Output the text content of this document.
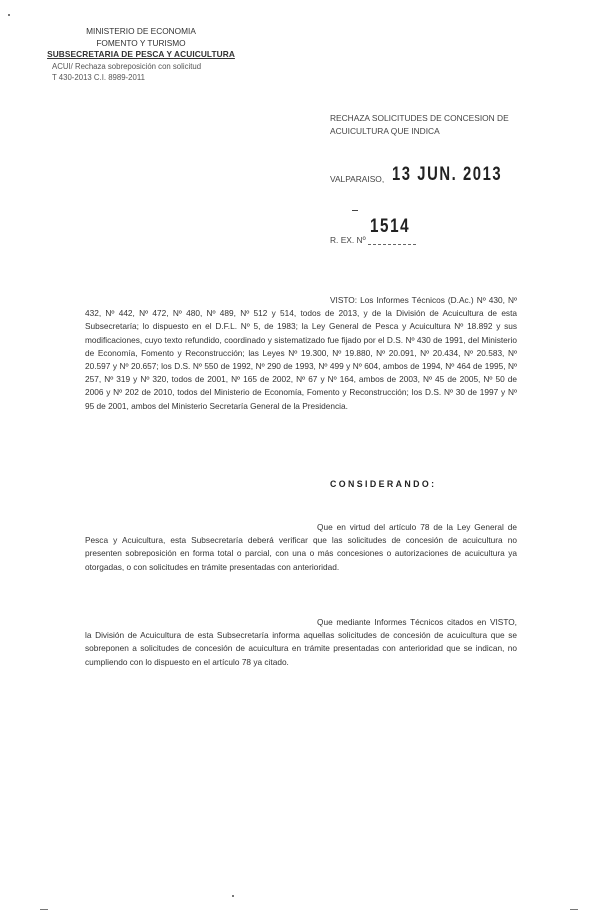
MINISTERIO DE ECONOMIA
FOMENTO Y TURISMO
SUBSECRETARIA DE PESCA Y ACUICULTURA
ACUI/ Rechaza sobreposición con solicitud
T 430-2013 C.I. 8989-2011
RECHAZA SOLICITUDES DE CONCESION DE ACUICULTURA QUE INDICA
VALPARAISO, 13 JUN. 2013
1514
R. EX. Nº
VISTO: Los Informes Técnicos (D.Ac.) Nº 430, Nº 432, Nº 442, Nº 472, Nº 480, Nº 489, Nº 512 y 514, todos de 2013, y de la División de Acuicultura de esta Subsecretaría; lo dispuesto en el D.F.L. Nº 5, de 1983; la Ley General de Pesca y Acuicultura Nº 18.892 y sus modificaciones, cuyo texto refundido, coordinado y sistematizado fue fijado por el D.S. Nº 430 de 1991, del Ministerio de Economía, Fomento y Reconstrucción; las Leyes Nº 19.300, Nº 19.880, Nº 20.091, Nº 20.434, Nº 20.583, Nº 20.597 y Nº 20.657; los D.S. Nº 550 de 1992, Nº 290 de 1993, Nº 499 y Nº 604, ambos de 1994, Nº 464 de 1995, Nº 257, Nº 319 y Nº 320, todos de 2001, Nº 165 de 2002, Nº 67 y Nº 164, ambos de 2003, Nº 45 de 2005, Nº 50 de 2006 y Nº 202 de 2010, todos del Ministerio de Economía, Fomento y Reconstrucción; los D.S. Nº 30 de 1997 y Nº 95 de 2001, ambos del Ministerio Secretaría General de la Presidencia.
CONSIDERANDO:
Que en virtud del artículo 78 de la Ley General de Pesca y Acuicultura, esta Subsecretaría deberá verificar que las solicitudes de concesión de acuicultura no presenten sobreposición en forma total o parcial, con una o más concesiones o autorizaciones de acuicultura ya otorgadas, o con solicitudes en trámite presentadas con anterioridad.
Que mediante Informes Técnicos citados en VISTO, la División de Acuicultura de esta Subsecretaría informa aquellas solicitudes de concesión de acuicultura que se sobreponen a solicitudes de concesión de acuicultura en trámite presentadas con anterioridad que se indican, no cumpliendo con lo dispuesto en el artículo 78 ya citado.
